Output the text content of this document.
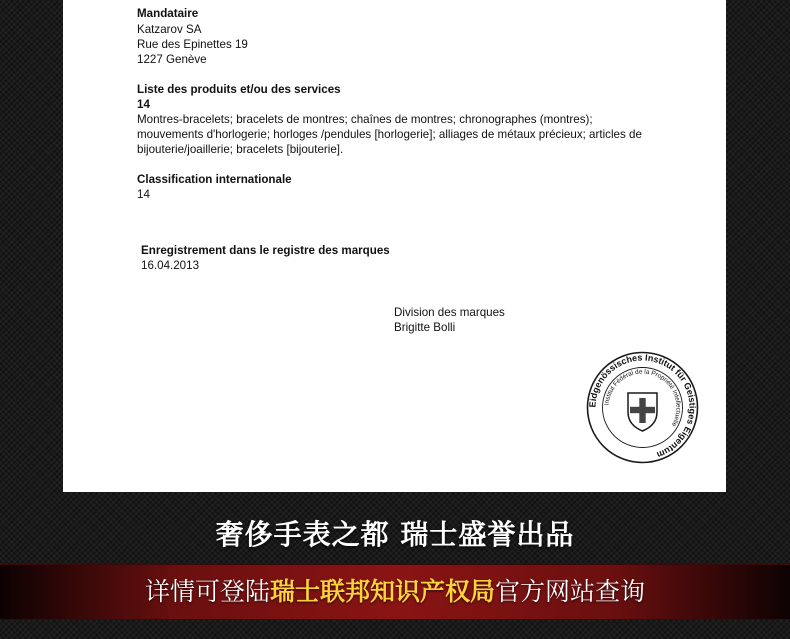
Mandataire
Katzarov SA
Rue des Epinettes 19
1227 Genève
Liste des produits et/ou des services
14
Montres-bracelets; bracelets de montres; chaînes de montres; chronographes (montres);
mouvements d'horlogerie; horloges /pendules [horlogerie]; alliages de métaux précieux; articles de
bijouterie/joaillerie; bracelets [bijouterie].
Classification internationale
14
Enregistrement dans le registre des marques
16.04.2013
Division des marques
Brigitte Bolli
Eidgenössisches Institut für Geistiges Eigentum
Institut Fédéral de la Propriété Intellectuelle
奢侈手表之都 瑞士盛誉出品
详情可登陆瑞士联邦知识产权局官方网站查询
